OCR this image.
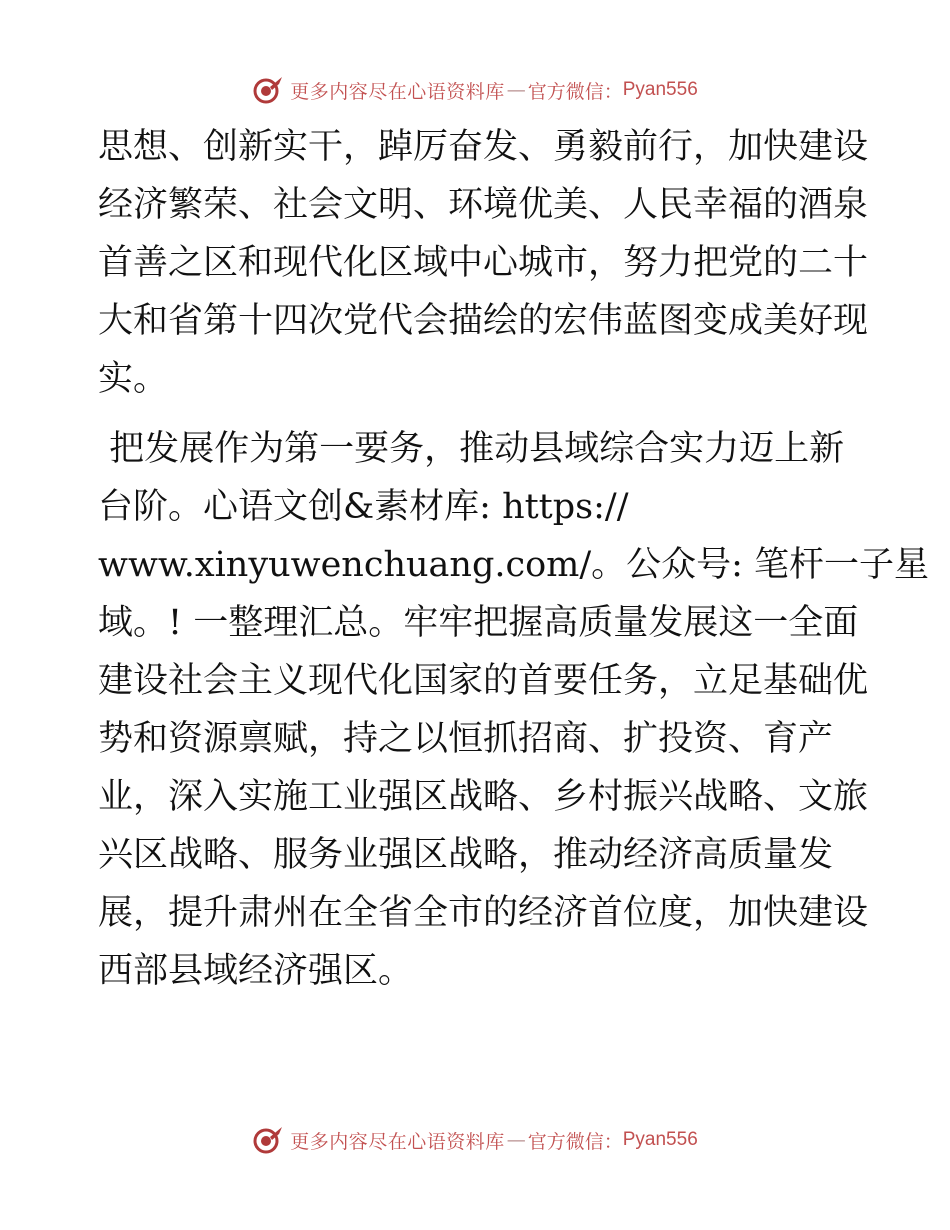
更多内容尽在心语资料库 — 官方微信： Pyan556

思想、创新实干，踔厉奋发、勇毅前行，加快建设
经济繁荣、社会文明、环境优美、人民幸福的酒泉
首善之区和现代化区域中心城市，努力把党的二十
大和省第十四次党代会描绘的宏伟蓝图变成美好现
实。

把发展作为第一要务，推动县域综合实力迈上新
台阶。心语文创&素材库: https://
www.xinyuwenchuang.com/。公众号: 笔杆一子星
域。! 一整理汇总。牢牢把握高质量发展这一全面
建设社会主义现代化国家的首要任务，立足基础优
势和资源禀赋，持之以恒抓招商、扩投资、育产
业，深入实施工业强区战略、乡村振兴战略、文旅
兴区战略、服务业强区战略，推动经济高质量发
展，提升肃州在全省全市的经济首位度，加快建设
西部县域经济强区。

更多内容尽在心语资料库 — 官方微信： Pyan556
